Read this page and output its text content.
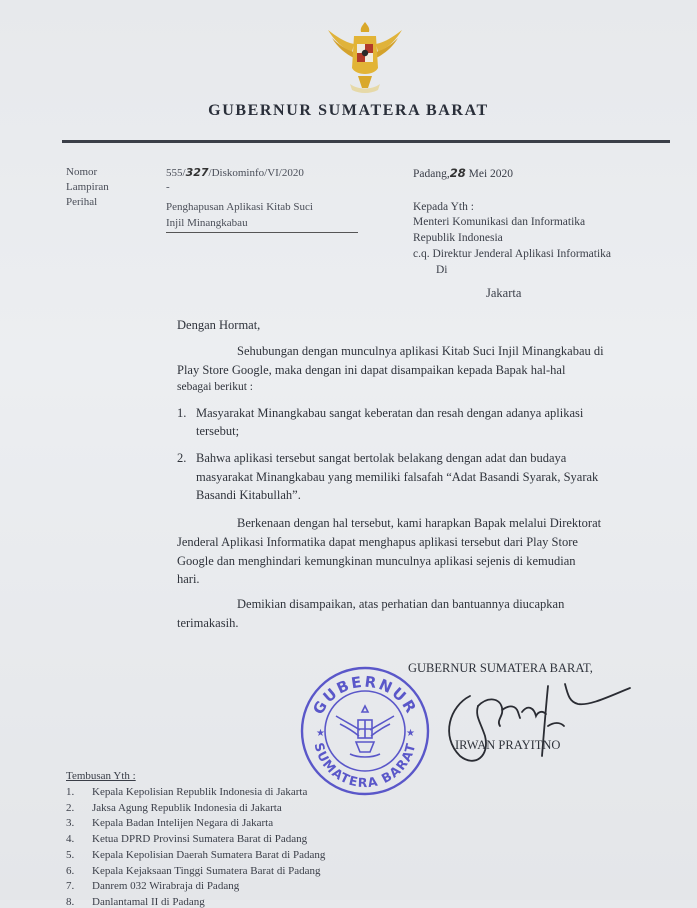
GUBERNUR SUMATERA BARAT
Nomor
Lampiran
Perihal
555/327/Diskominfo/VI/2020
-
Penghapusan Aplikasi Kitab Suci
Injil Minangkabau
Padang,28 Mei 2020
Kepada Yth :
Menteri Komunikasi dan Informatika
Republik Indonesia
c.q. Direktur Jenderal Aplikasi Informatika
Di
Jakarta
Dengan Hormat,
Sehubungan dengan munculnya aplikasi Kitab Suci Injil Minangkabau di
Play Store Google, maka dengan ini dapat disampaikan kepada Bapak hal-hal
sebagai berikut :
1. Masyarakat Minangkabau sangat keberatan dan resah dengan adanya aplikasi
tersebut;
2. Bahwa aplikasi tersebut sangat bertolak belakang dengan adat dan budaya
masyarakat Minangkabau yang memiliki falsafah “Adat Basandi Syarak, Syarak
Basandi Kitabullah”.
Berkenaan dengan hal tersebut, kami harapkan Bapak melalui Direktorat
Jenderal Aplikasi Informatika dapat menghapus aplikasi tersebut dari Play Store
Google dan menghindari kemungkinan munculnya aplikasi sejenis di kemudian
hari.
Demikian disampaikan, atas perhatian dan bantuannya diucapkan
terimakasih.
GUBERNUR SUMATERA BARAT,
GUBERNUR
SUMATERA BARAT
★	★
IRWAN PRAYITNO
Tembusan Yth :
1. Kepala Kepolisian Republik Indonesia di Jakarta
2. Jaksa Agung Republik Indonesia di Jakarta
3. Kepala Badan Intelijen Negara di Jakarta
4. Ketua DPRD Provinsi Sumatera Barat di Padang
5. Kepala Kepolisian Daerah Sumatera Barat di Padang
6. Kepala Kejaksaan Tinggi Sumatera Barat di Padang
7. Danrem 032 Wirabraja di Padang
8. Danlantamal II di Padang
